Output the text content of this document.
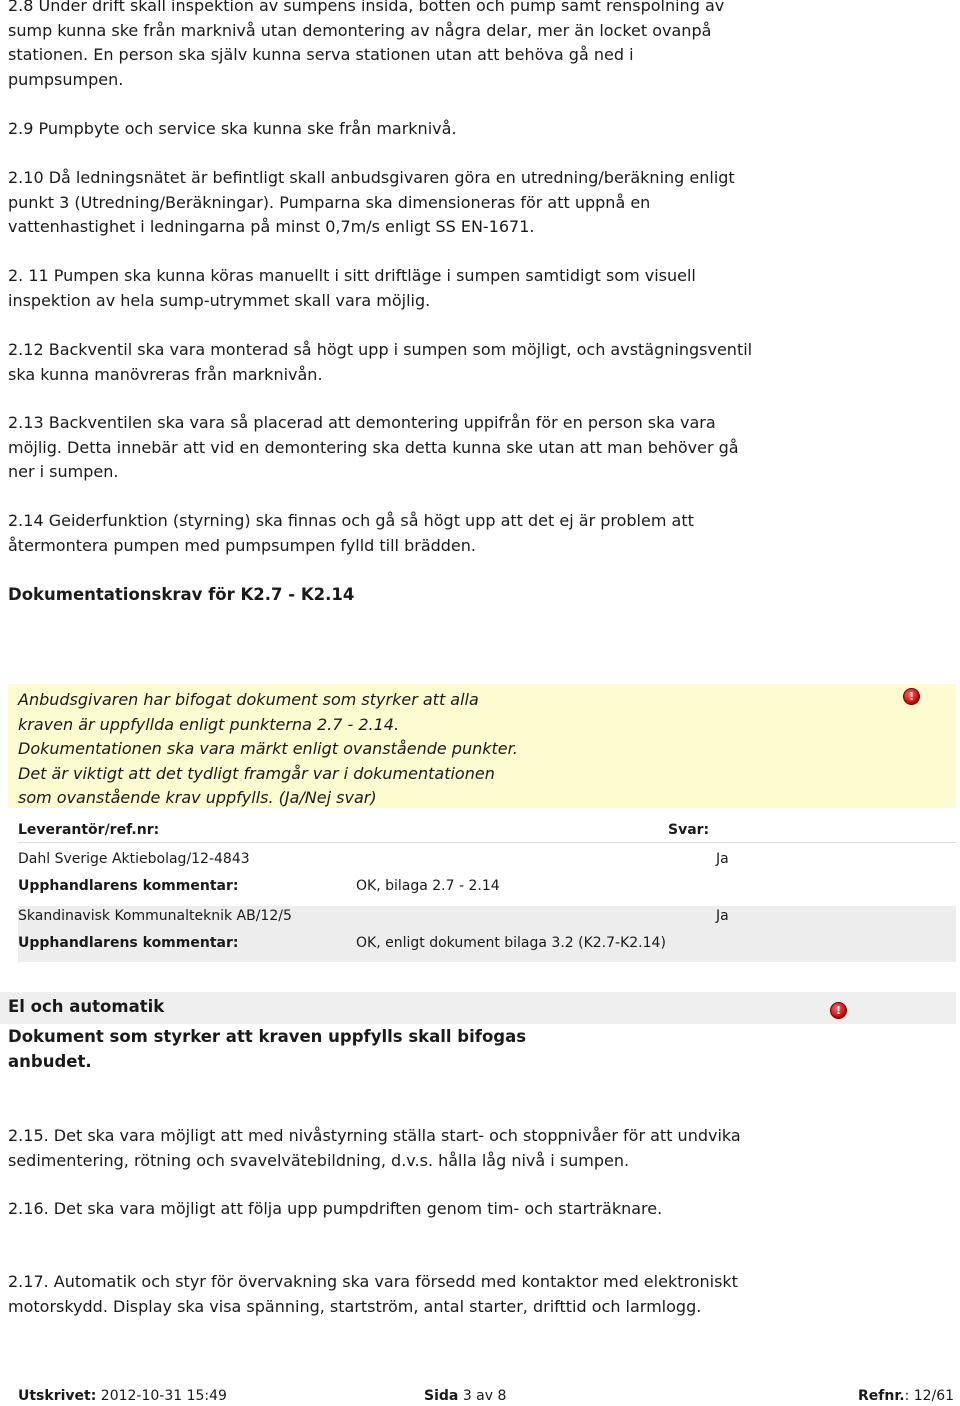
2.8 Under drift skall inspektion av sumpens insida, botten och pump samt renspolning av

sump kunna ske från marknivå utan demontering av några delar, mer än locket ovanpå

stationen. En person ska själv kunna serva stationen utan att behöva gå ned i

pumpsumpen.

2.9 Pumpbyte och service ska kunna ske från marknivå.

2.10 Då ledningsnätet är befintligt skall anbudsgivaren göra en utredning/beräkning enligt

punkt 3 (Utredning/Beräkningar). Pumparna ska dimensioneras för att uppnå en

vattenhastighet i ledningarna på minst 0,7m/s enligt SS EN-1671.

2. 11 Pumpen ska kunna köras manuellt i sitt driftläge i sumpen samtidigt som visuell

inspektion av hela sump-utrymmet skall vara möjlig.

2.12 Backventil ska vara monterad så högt upp i sumpen som möjligt, och avstägningsventil

ska kunna manövreras från marknivån.

2.13 Backventilen ska vara så placerad att demontering uppifrån för en person ska vara

möjlig. Detta innebär att vid en demontering ska detta kunna ske utan att man behöver gå

ner i sumpen.

2.14 Geiderfunktion (styrning) ska finnas och gå så högt upp att det ej är problem att

återmontera pumpen med pumpsumpen fylld till brädden.

Dokumentationskrav för K2.7 - K2.14
Anbudsgivaren har bifogat dokument som styrker att alla
kraven är uppfyllda enligt punkterna 2.7 - 2.14.
Dokumentationen ska vara märkt enligt ovanstående punkter.
Det är viktigt att det tydligt framgår var i dokumentationen
som ovanstående krav uppfylls. (Ja/Nej svar)
!
Leverantör/ref.nr:	Svar:
Dahl Sverige Aktiebolag/12-4843	Ja
Upphandlarens kommentar:	OK, bilaga 2.7 - 2.14
Skandinavisk Kommunalteknik AB/12/5	Ja
Upphandlarens kommentar:	OK, enligt dokument bilaga 3.2 (K2.7-K2.14)
El och automatik	!

Dokument som styrker att kraven uppfylls skall bifogas

anbudet.

2.15. Det ska vara möjligt att med nivåstyrning ställa start- och stoppnivåer för att undvika

sedimentering, rötning och svavelvätebildning, d.v.s. hålla låg nivå i sumpen.

2.16. Det ska vara möjligt att följa upp pumpdriften genom tim- och starträknare.

2.17. Automatik och styr för övervakning ska vara försedd med kontaktor med elektroniskt

motorskydd. Display ska visa spänning, startström, antal starter, drifttid och larmlogg.

Utskrivet: 2012-10-31 15:49	Sida 3 av 8	Refnr.: 12/61
